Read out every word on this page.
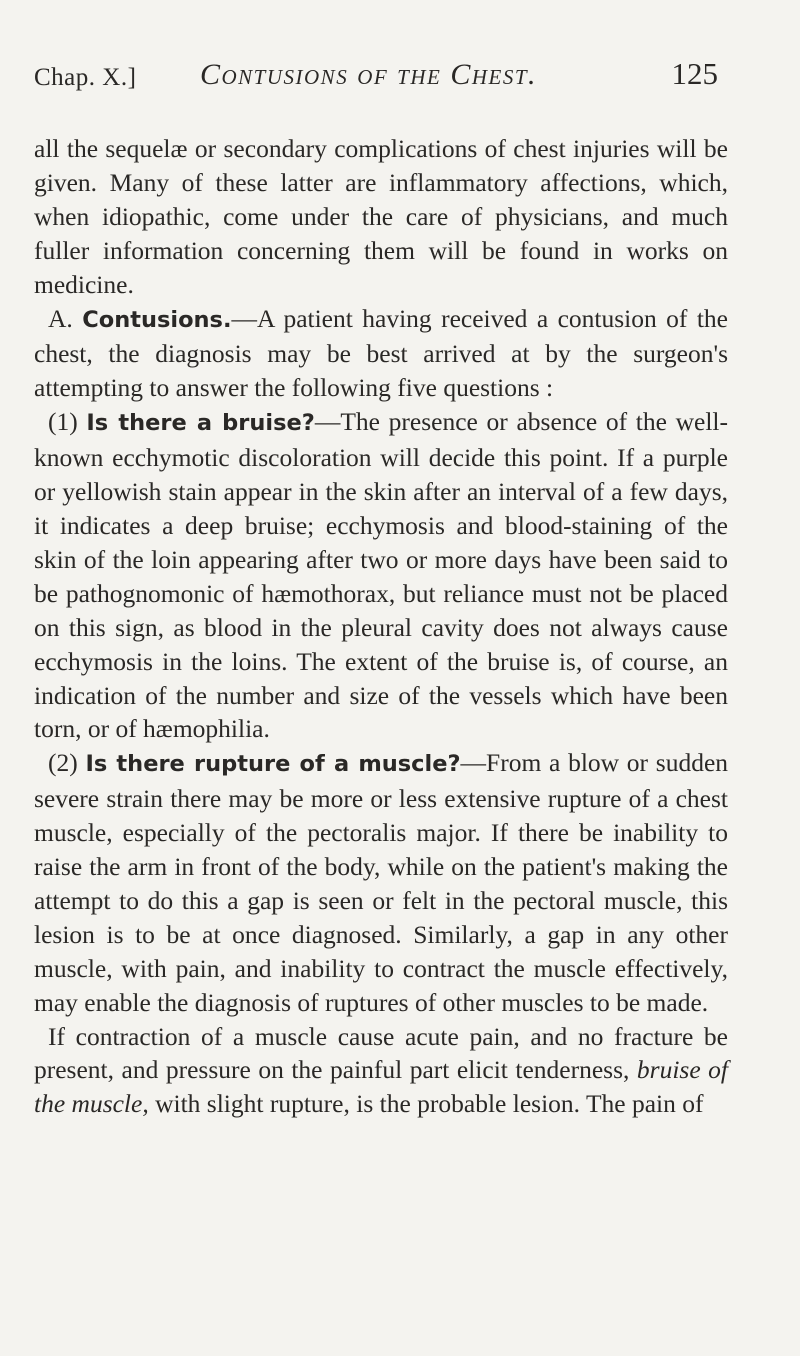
Chap. X.] Contusions of the Chest.	125

all the sequelæ or secondary complications of chest injuries will be given. Many of these latter are inflammatory affections, which, when idiopathic, come under the care of physicians, and much fuller information concerning them will be found in works on medicine.

A. Contusions.—A patient having received a contusion of the chest, the diagnosis may be best arrived at by the surgeon's attempting to answer the following five questions :

(1) Is there a bruise?—The presence or absence of the well-known ecchymotic discoloration will decide this point. If a purple or yellowish stain appear in the skin after an interval of a few days, it indicates a deep bruise; ecchymosis and blood-staining of the skin of the loin appearing after two or more days have been said to be pathognomonic of hæmothorax, but reliance must not be placed on this sign, as blood in the pleural cavity does not always cause ecchymosis in the loins. The extent of the bruise is, of course, an indication of the number and size of the vessels which have been torn, or of hæmophilia.

(2) Is there rupture of a muscle?—From a blow or sudden severe strain there may be more or less extensive rupture of a chest muscle, especially of the pectoralis major. If there be inability to raise the arm in front of the body, while on the patient's making the attempt to do this a gap is seen or felt in the pectoral muscle, this lesion is to be at once diagnosed. Similarly, a gap in any other muscle, with pain, and inability to contract the muscle effectively, may enable the diagnosis of ruptures of other muscles to be made.

If contraction of a muscle cause acute pain, and no fracture be present, and pressure on the painful part elicit tenderness, bruise of the muscle, with slight rupture, is the probable lesion. The pain of
